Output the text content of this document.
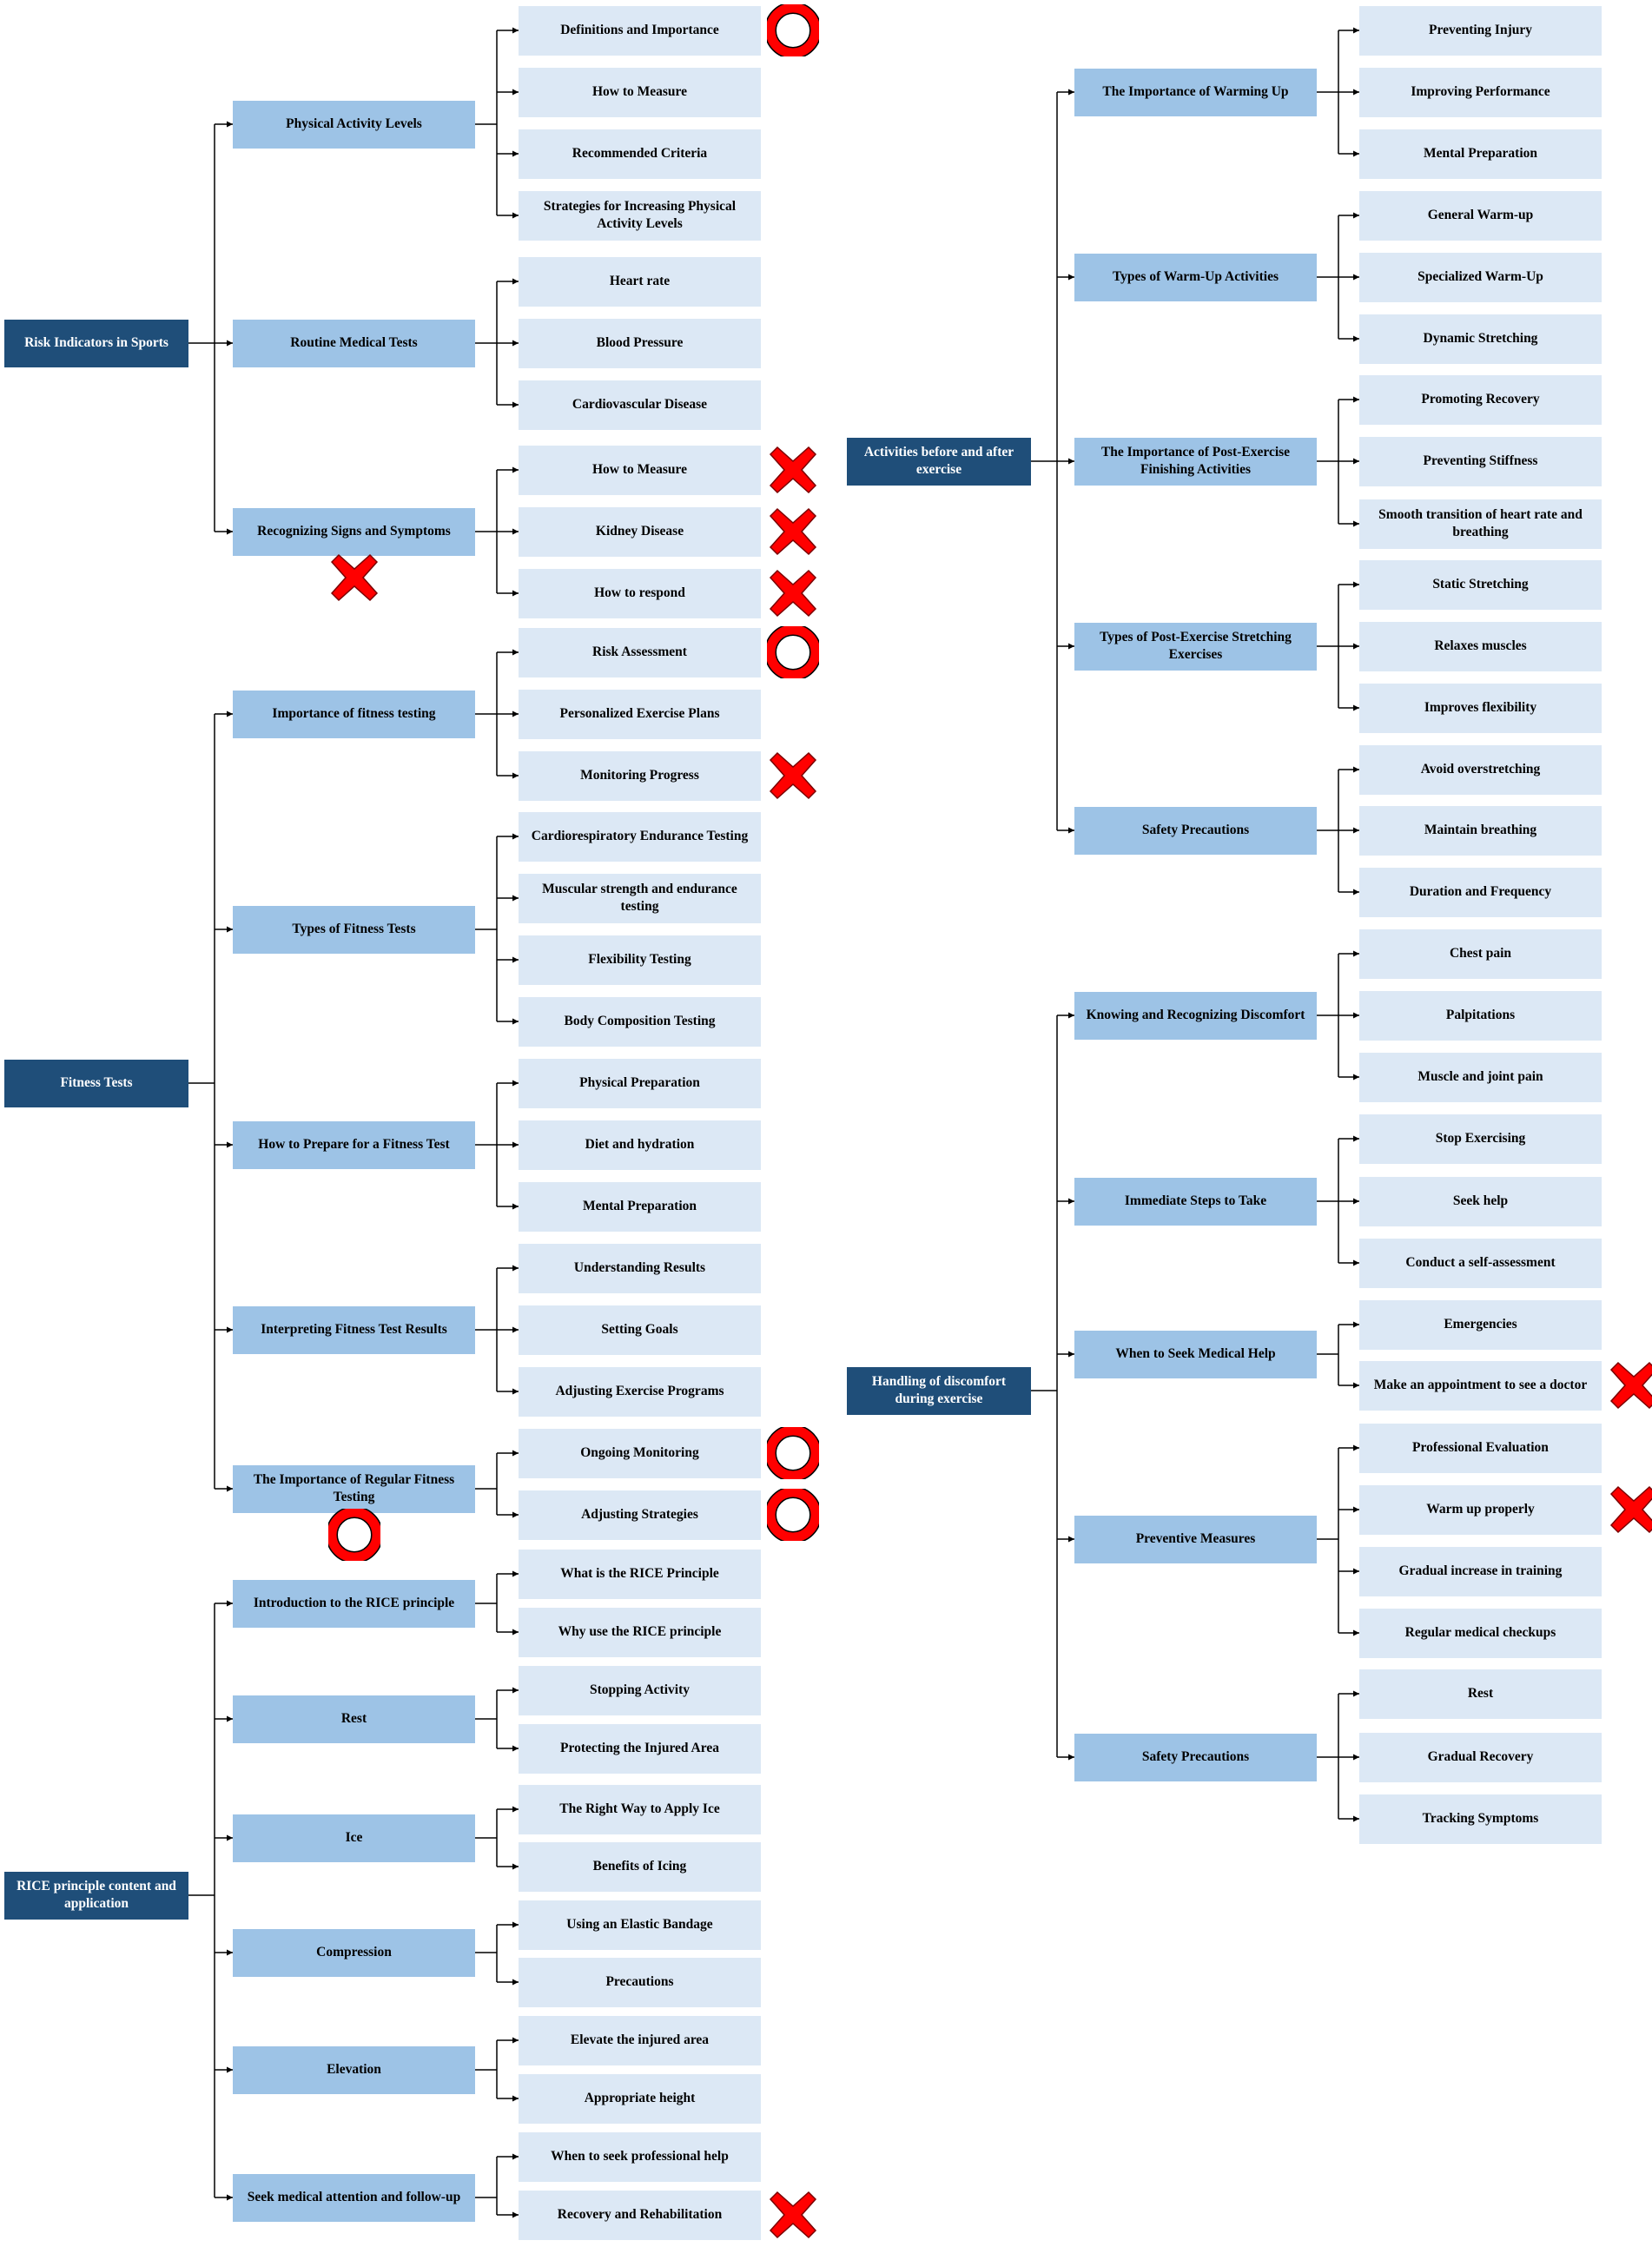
Risk Indicators in Sports
Physical Activity Levels
Definitions and Importance
How to Measure
Recommended Criteria
Strategies for Increasing Physical Activity Levels
Routine Medical Tests
Heart rate
Blood Pressure
Cardiovascular Disease
Recognizing Signs and Symptoms
How to Measure
Kidney Disease
How to respond
Fitness Tests
Importance of fitness testing
Risk Assessment
Personalized Exercise Plans
Monitoring Progress
Types of Fitness Tests
Cardiorespiratory Endurance Testing
Muscular strength and endurance testing
Flexibility Testing
Body Composition Testing
How to Prepare for a Fitness Test
Physical Preparation
Diet and hydration
Mental Preparation
Interpreting Fitness Test Results
Understanding Results
Setting Goals
Adjusting Exercise Programs
The Importance of Regular Fitness Testing
Ongoing Monitoring
Adjusting Strategies
RICE principle content and application
Introduction to the RICE principle
What is the RICE Principle
Why use the RICE principle
Rest
Stopping Activity
Protecting the Injured Area
Ice
The Right Way to Apply Ice
Benefits of Icing
Compression
Using an Elastic Bandage
Precautions
Elevation
Elevate the injured area
Appropriate height
Seek medical attention and follow-up
When to seek professional help
Recovery and Rehabilitation
Activities before and after exercise
The Importance of Warming Up
Preventing Injury
Improving Performance
Mental Preparation
Types of Warm-Up Activities
General Warm-up
Specialized Warm-Up
Dynamic Stretching
The Importance of Post-Exercise Finishing Activities
Promoting Recovery
Preventing Stiffness
Smooth transition of heart rate and breathing
Types of Post-Exercise Stretching Exercises
Static Stretching
Relaxes muscles
Improves flexibility
Safety Precautions
Avoid overstretching
Maintain breathing
Duration and Frequency
Handling of discomfort during exercise
Knowing and Recognizing Discomfort
Chest pain
Palpitations
Muscle and joint pain
Immediate Steps to Take
Stop Exercising
Seek help
Conduct a self-assessment
When to Seek Medical Help
Emergencies
Make an appointment to see a doctor
Preventive Measures
Professional Evaluation
Warm up properly
Gradual increase in training
Regular medical checkups
Safety Precautions
Rest
Gradual Recovery
Tracking Symptoms
